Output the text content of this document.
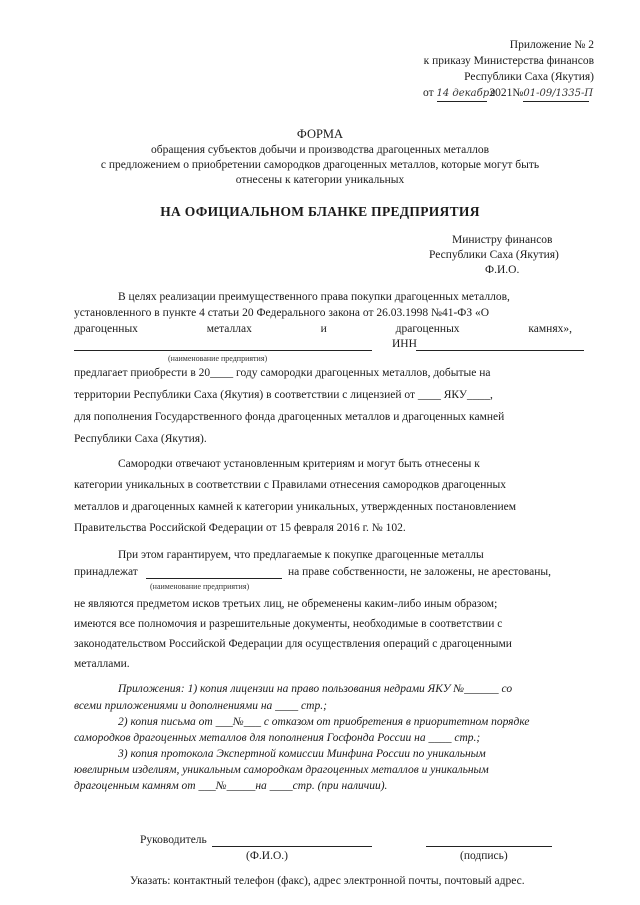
Приложение № 2
к приказу Министерства финансов
Республики Саха (Якутия)
от 14 декабря 2021№01-09/1335-П
ФОРМА
обращения субъектов добычи и производства драгоценных металлов
с предложением о приобретении самородков драгоценных металлов, которые могут быть
отнесены к категории уникальных
НА ОФИЦИАЛЬНОМ БЛАНКЕ ПРЕДПРИЯТИЯ
Министру финансов
Республики Саха (Якутия)
Ф.И.О.
В целях реализации преимущественного права покупки драгоценных металлов,
установленного в пункте 4 статьи 20 Федерального закона от 26.03.1998 №41-ФЗ «О
драгоценных	металлах	и	драгоценных	камнях»,
ИНН
(наименование предприятия)
предлагает приобрести в 20____ году самородки драгоценных металлов, добытые на
территории Республики Саха (Якутия) в соответствии с лицензией от ____ ЯКУ____,
для пополнения Государственного фонда драгоценных металлов и драгоценных камней
Республики Саха (Якутия).
Самородки отвечают установленным критериям и могут быть отнесены к
категории уникальных в соответствии с Правилами отнесения самородков драгоценных
металлов и драгоценных камней к категории уникальных, утвержденных постановлением
Правительства Российской Федерации от 15 февраля 2016 г. № 102.
При этом гарантируем, что предлагаемые к покупке драгоценные металлы
принадлежат	на праве собственности, не заложены, не арестованы,
(наименование предприятия)
не являются предметом исков третьих лиц, не обременены каким-либо иным образом;
имеются все полномочия и разрешительные документы, необходимые в соответствии с
законодательством Российской Федерации для осуществления операций с драгоценными
металлами.
Приложения: 1) копия лицензии на право пользования недрами ЯКУ №______ со
всеми приложениями и дополнениями на ____ стр.;
2) копия письма от ___№___ с отказом от приобретения в приоритетном порядке
самородков драгоценных металлов для пополнения Госфонда России на ____ стр.;
3) копия протокола Экспертной комиссии Минфина России по уникальным
ювелирным изделиям, уникальным самородкам драгоценных металлов и уникальным
драгоценным камням от ___№_____на ____стр. (при наличии).
Руководитель
(Ф.И.О.)	(подпись)
Указать: контактный телефон (факс), адрес электронной почты, почтовый адрес.
